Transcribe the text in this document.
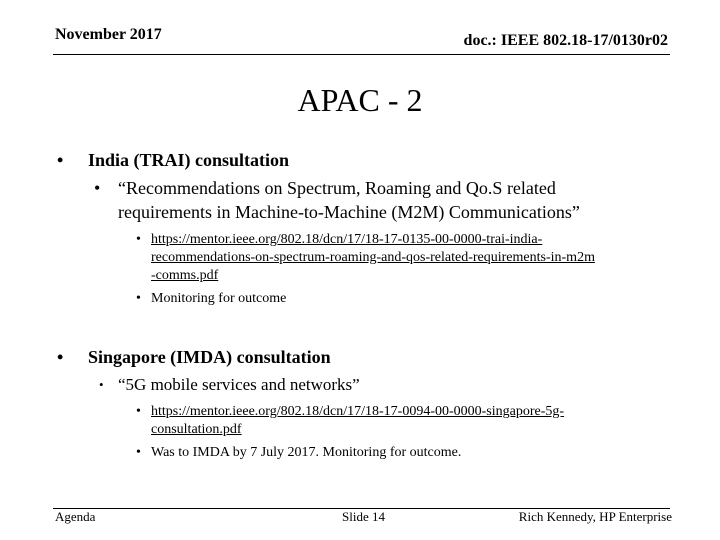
November 2017	doc.: IEEE 802.18-17/0130r02
APAC - 2
• India (TRAI) consultation
• “Recommendations on Spectrum, Roaming and Qo.S related
requirements in Machine-to-Machine (M2M) Communications”
• https://mentor.ieee.org/802.18/dcn/17/18-17-0135-00-0000-trai-india-
recommendations-on-spectrum-roaming-and-qos-related-requirements-in-m2m
-comms.pdf
• Monitoring for outcome
• Singapore (IMDA) consultation
• “5G mobile services and networks”
• https://mentor.ieee.org/802.18/dcn/17/18-17-0094-00-0000-singapore-5g-
consultation.pdf
• Was to IMDA by 7 July 2017. Monitoring for outcome.
Agenda	Slide 14	Rich Kennedy, HP Enterprise
